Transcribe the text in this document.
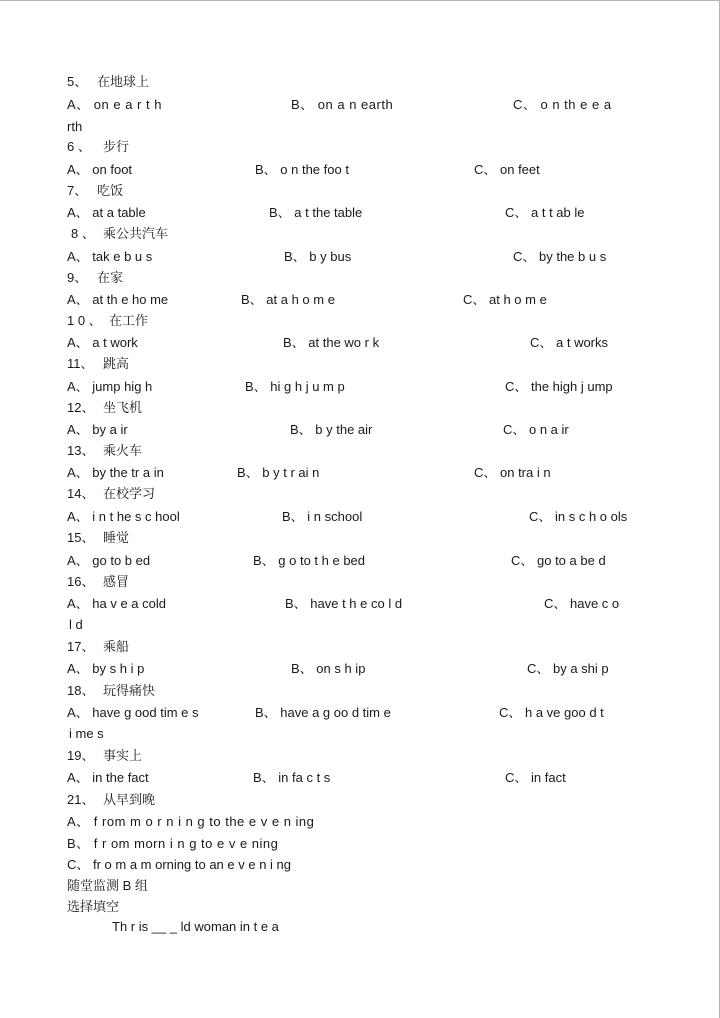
5、 在地球上
A、 on e a r t h	B、 on a n earth	C、 o n th e e a
rth
6 、 步行
A、 on foot	B、 o n the foo t	C、 on feet
7、 吃饭
A、 at a table	B、 a t the table	C、 a t t ab le
8 、 乘公共汽车
A、 tak e b u s	B、 b y bus	C、 by the b u s
9、 在家
A、 at th e ho me	B、 at a h o m e	C、 at h o m e
1 0 、 在工作
A、 a t work	B、 at the wo r k	C、 a t works
11、 跳高
A、 jump hig h	B、 hi g h j u m p	C、 the high j ump
12、 坐飞机
A、 by a ir	B、 b y the air	C、 o n a ir
13、 乘火车
A、 by the tr a in	B、 b y t r ai n	C、 on tra i n
14、 在校学习
A、 i n t he s c hool	B、 i n school	C、 in s c h o ols
15、 睡觉
A、 go to b ed	B、 g o to t h e bed	C、 go to a be d
16、 感冒
A、 ha v e a cold	B、 have t h e co l d	C、 have c o
l d
17、 乘船
A、 by s h i p	B、 on s h ip	C、 by a shi p
18、 玩得痛快
A、 have g ood tim e s	B、 have a g oo d tim e	C、 h a ve goo d t
i me s
19、 事实上
A、 in the fact	B、 in fa c t s	C、 in fact
21、 从早到晚
A、 f rom m o r n i n g to the e v e n ing
B、 f r om morn i n g to e v e ning
C、 fr o m a m orning to an e v e n i ng
随堂监测 B 组
选择填空
Th r is __ _ ld woman in t e a
